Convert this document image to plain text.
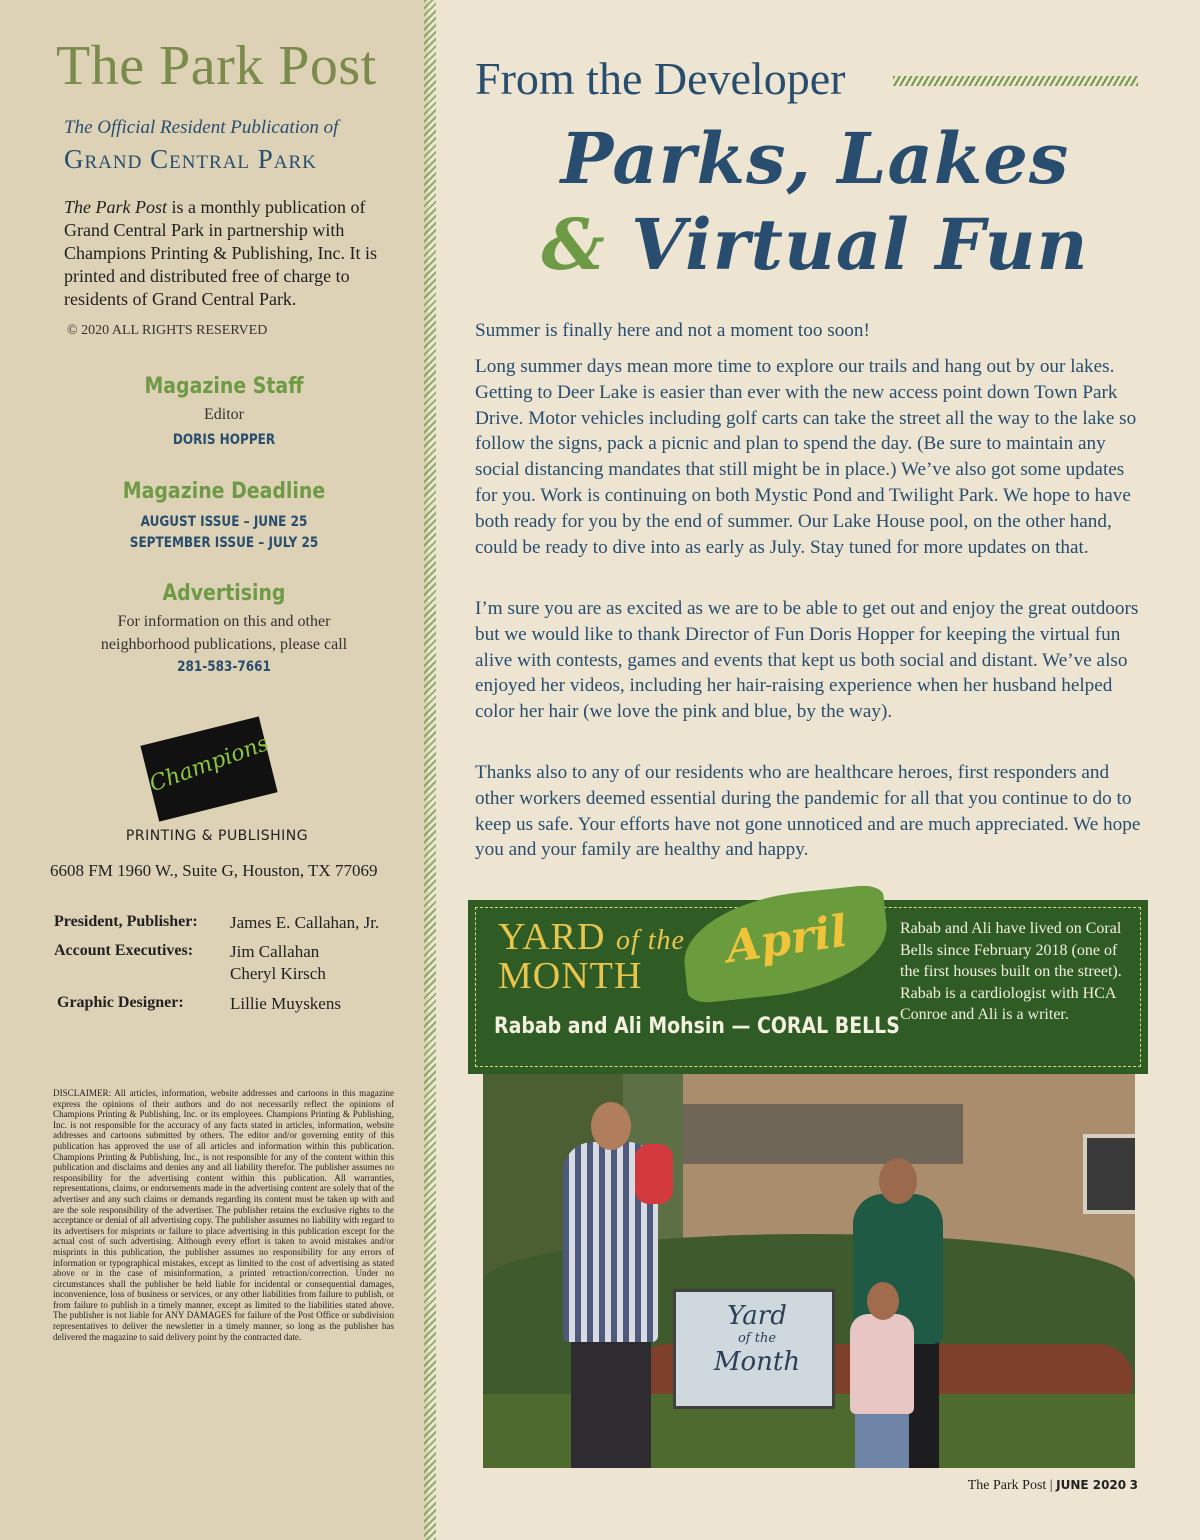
The Park Post
The Official Resident Publication of
Grand Central Park
The Park Post is a monthly publication of Grand Central Park in partnership with Champions Printing & Publishing, Inc. It is printed and distributed free of charge to residents of Grand Central Park.
© 2020 ALL RIGHTS RESERVED
Magazine Staff
Editor
DORIS HOPPER
Magazine Deadline
AUGUST ISSUE – JUNE 25
SEPTEMBER ISSUE – JULY 25
Advertising
For information on this and other
neighborhood publications, please call
281-583-7661
Champions
PRINTING & PUBLISHING
6608 FM 1960 W., Suite G, Houston, TX 77069
President, Publisher:	James E. Callahan, Jr.
Account Executives:	Jim Callahan
Cheryl Kirsch
Graphic Designer:	Lillie Muyskens
DISCLAIMER: All articles, information, website addresses and cartoons in this magazine express the opinions of their authors and do not necessarily reflect the opinions of Champions Printing & Publishing, Inc. or its employees. Champions Printing & Publishing, Inc. is not responsible for the accuracy of any facts stated in articles, information, website addresses and cartoons submitted by others. The editor and/or governing entity of this publication has approved the use of all articles and information within this publication. Champions Printing & Publishing, Inc., is not responsible for any of the content within this publication and disclaims and denies any and all liability therefor. The publisher assumes no responsibility for the advertising content within this publication. All warranties, representations, claims, or endorsements made in the advertising content are solely that of the advertiser and any such claims or demands regarding its content must be taken up with and are the sole responsibility of the advertiser. The publisher retains the exclusive rights to the acceptance or denial of all advertising copy. The publisher assumes no liability with regard to its advertisers for misprints or failure to place advertising in this publication except for the actual cost of such advertising. Although every effort is taken to avoid mistakes and/or misprints in this publication, the publisher assumes no responsibility for any errors of information or typographical mistakes, except as limited to the cost of advertising as stated above or in the case of misinformation, a printed retraction/correction. Under no circumstances shall the publisher be held liable for incidental or consequential damages, inconvenience, loss of business or services, or any other liabilities from failure to publish, or from failure to publish in a timely manner, except as limited to the liabilities stated above. The publisher is not liable for ANY DAMAGES for failure of the Post Office or subdivision representatives to deliver the newsletter in a timely manner, so long as the publisher has delivered the magazine to said delivery point by the contracted date.
From the Developer
Parks, Lakes
& Virtual Fun

Summer is finally here and not a moment too soon!

Long summer days mean more time to explore our trails and hang out by our lakes. Getting to Deer Lake is easier than ever with the new access point down Town Park Drive. Motor vehicles including golf carts can take the street all the way to the lake so follow the signs, pack a picnic and plan to spend the day. (Be sure to maintain any social distancing mandates that still might be in place.) We’ve also got some updates for you. Work is continuing on both Mystic Pond and Twilight Park. We hope to have both ready for you by the end of summer. Our Lake House pool, on the other hand, could be ready to dive into as early as July. Stay tuned for more updates on that.

I’m sure you are as excited as we are to be able to get out and enjoy the great outdoors but we would like to thank Director of Fun Doris Hopper for keeping the virtual fun alive with contests, games and events that kept us both social and distant. We’ve also enjoyed her videos, including her hair-raising experience when her husband helped color her hair (we love the pink and blue, by the way).

Thanks also to any of our residents who are healthcare heroes, first responders and other workers deemed essential during the pandemic for all that you continue to do to keep us safe. Your efforts have not gone unnoticed and are much appreciated. We hope you and your family are healthy and happy.

YARD of the
MONTH
April
Rabab and Ali Mohsin — CORAL BELLS
Rabab and Ali have lived on Coral Bells since February 2018 (one of the first houses built on the street). Rabab is a cardiologist with HCA Conroe and Ali is a writer.
Yard
of the
Month
The Park Post | JUNE 2020 3
